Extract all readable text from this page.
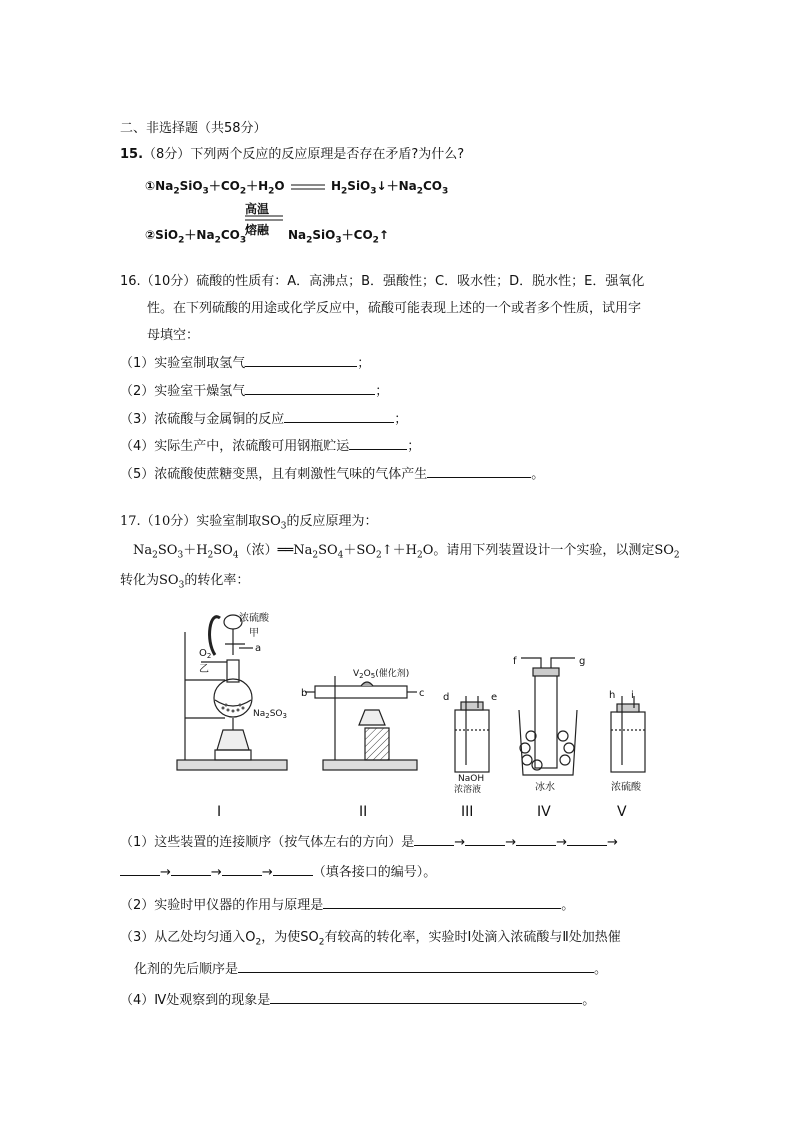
二、非选择题（共58分）
15.（8分）下列两个反应的反应原理是否存在矛盾?为什么?
$①Na_2SiO_3+CO_2+H_2O$	$H_2SiO_3↓+Na_2CO_3$
高温
熔融
$②SiO_2+Na_2CO_3$	$Na_2SiO_3+CO_2↑$
16.（10分）硫酸的性质有：A．高沸点；B．强酸性；C．吸水性；D．脱水性；E．强氧化
性。在下列硫酸的用途或化学反应中，硫酸可能表现上述的一个或者多个性质，试用字
母填空：
（1）实验室制取氢气	；
（2）实验室干燥氢气	；
（3）浓硫酸与金属铜的反应	；
（4）实际生产中，浓硫酸可用钢瓶贮运	；
（5）浓硫酸使蔗糖变黑，且有刺激性气味的气体产生	。
17.（10分）实验室制取$SO_3$的反应原理为：
$Na_2SO_3+H_2SO_4$（浓）$══Na_2SO_4+SO_2↑+H_2O$。请用下列装置设计一个实验，以测定$SO_2$
转化为$SO_3$的转化率：
浓硫酸
甲
a
$O_2$
乙
$Na_2SO_3$
$V_2O_5$(催化剂)
b	c d	e
f	g
h i
NaOH
浓溶液	冰水	浓硫酸
I	II	III	IV	V
（1）这些装置的连接顺序（按气体左右的方向）是	→	→	→	→
→	→	→	（填各接口的编号）。
（2）实验时甲仪器的作用与原理是	。
（3）从乙处均匀通入$O_2$，为使$SO_2$有较高的转化率，实验时Ⅰ处滴入浓硫酸与Ⅱ处加热催
化剂的先后顺序是	。
（4）Ⅳ处观察到的现象是	。
